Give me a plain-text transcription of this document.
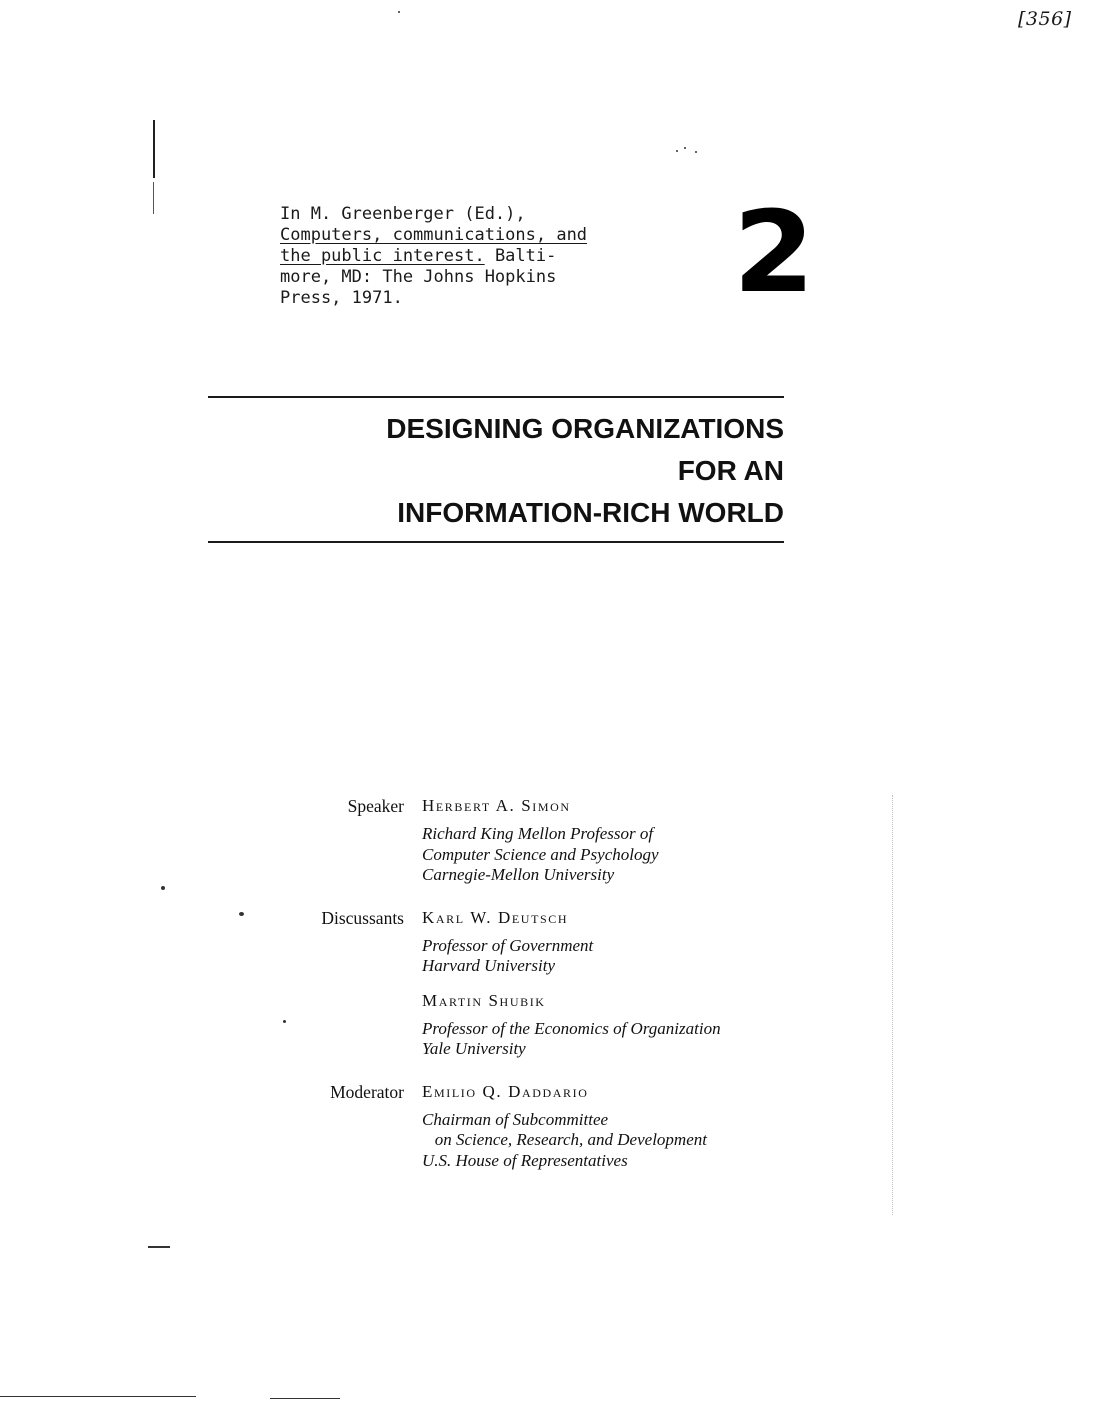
[356]
In M. Greenberger (Ed.),
Computers, communications, and
the public interest. Balti-
more, MD: The Johns Hopkins
Press, 1971.	2
DESIGNING ORGANIZATIONS
FOR AN
INFORMATION-RICH WORLD
Speaker	Herbert A. Simon
Richard King Mellon Professor of
Computer Science and Psychology
Carnegie-Mellon University
Discussants	Karl W. Deutsch
Professor of Government
Harvard University
Martin Shubik
Professor of the Economics of Organization
Yale University
Moderator	Emilio Q. Daddario
Chairman of Subcommittee
on Science, Research, and Development
U.S. House of Representatives
